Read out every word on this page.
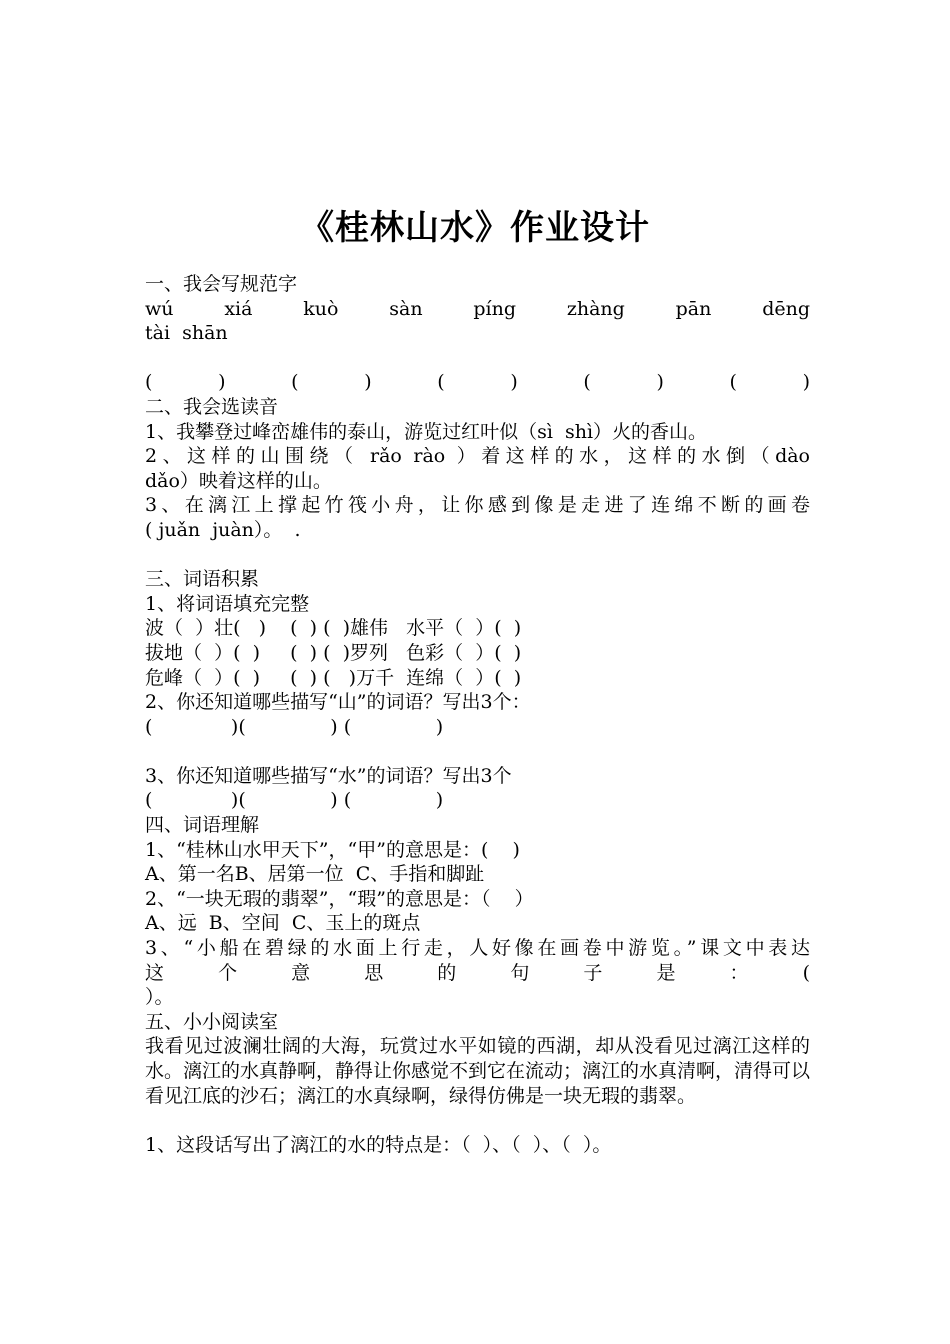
《桂林山水》作业设计
一、我会写规范字
wú xiá kuò sàn píng zhàng pān dēng
tài  shān
( ) ( ) ( ) ( ) ( )
二、我会选读音
1、我攀登过峰峦雄伟的泰山，游览过红叶似（sì  shì）火的香山。
2、这样的山围绕（ rǎo rào ）着这样的水，这样的水倒（dào
dǎo）映着这样的山。
3、在漓江上撑起竹筏小舟，让你感到像是走进了连绵不断的画卷
( juǎn  juàn）。  .
三、词语积累
1、将词语填充完整
波（  ）壮(   )    (  ) (  )雄伟   水平（  ）(  )
拔地（  ）(  )     (  ) (  )罗列   色彩（  ）(  )
危峰（  ）(  )     (  ) (   )万千  连绵（  ）(  )
2、你还知道哪些描写“山”的词语？写出3个：
(             )(              ) (              )
3、你还知道哪些描写“水”的词语？写出3个
(             )(              ) (              )
四、词语理解
1、“桂林山水甲天下”，“甲”的意思是：(    )
A、第一名B、居第一位  C、手指和脚趾
2、“一块无瑕的翡翠”，“瑕”的意思是：（    ）
A、远  B、空间  C、玉上的斑点
3、“小船在碧绿的水面上行走，人好像在画卷中游览。”课文中表达
这 个 意 思 的 句 子 是 ： (
）。
五、小小阅读室
我看见过波澜壮阔的大海，玩赏过水平如镜的西湖，却从没看见过漓江这样的水。漓江的水真静啊，静得让你感觉不到它在流动；漓江的水真清啊，清得可以看见江底的沙石；漓江的水真绿啊，绿得仿佛是一块无瑕的翡翠。
1、这段话写出了漓江的水的特点是：（  ）、（  ）、（  ）。
